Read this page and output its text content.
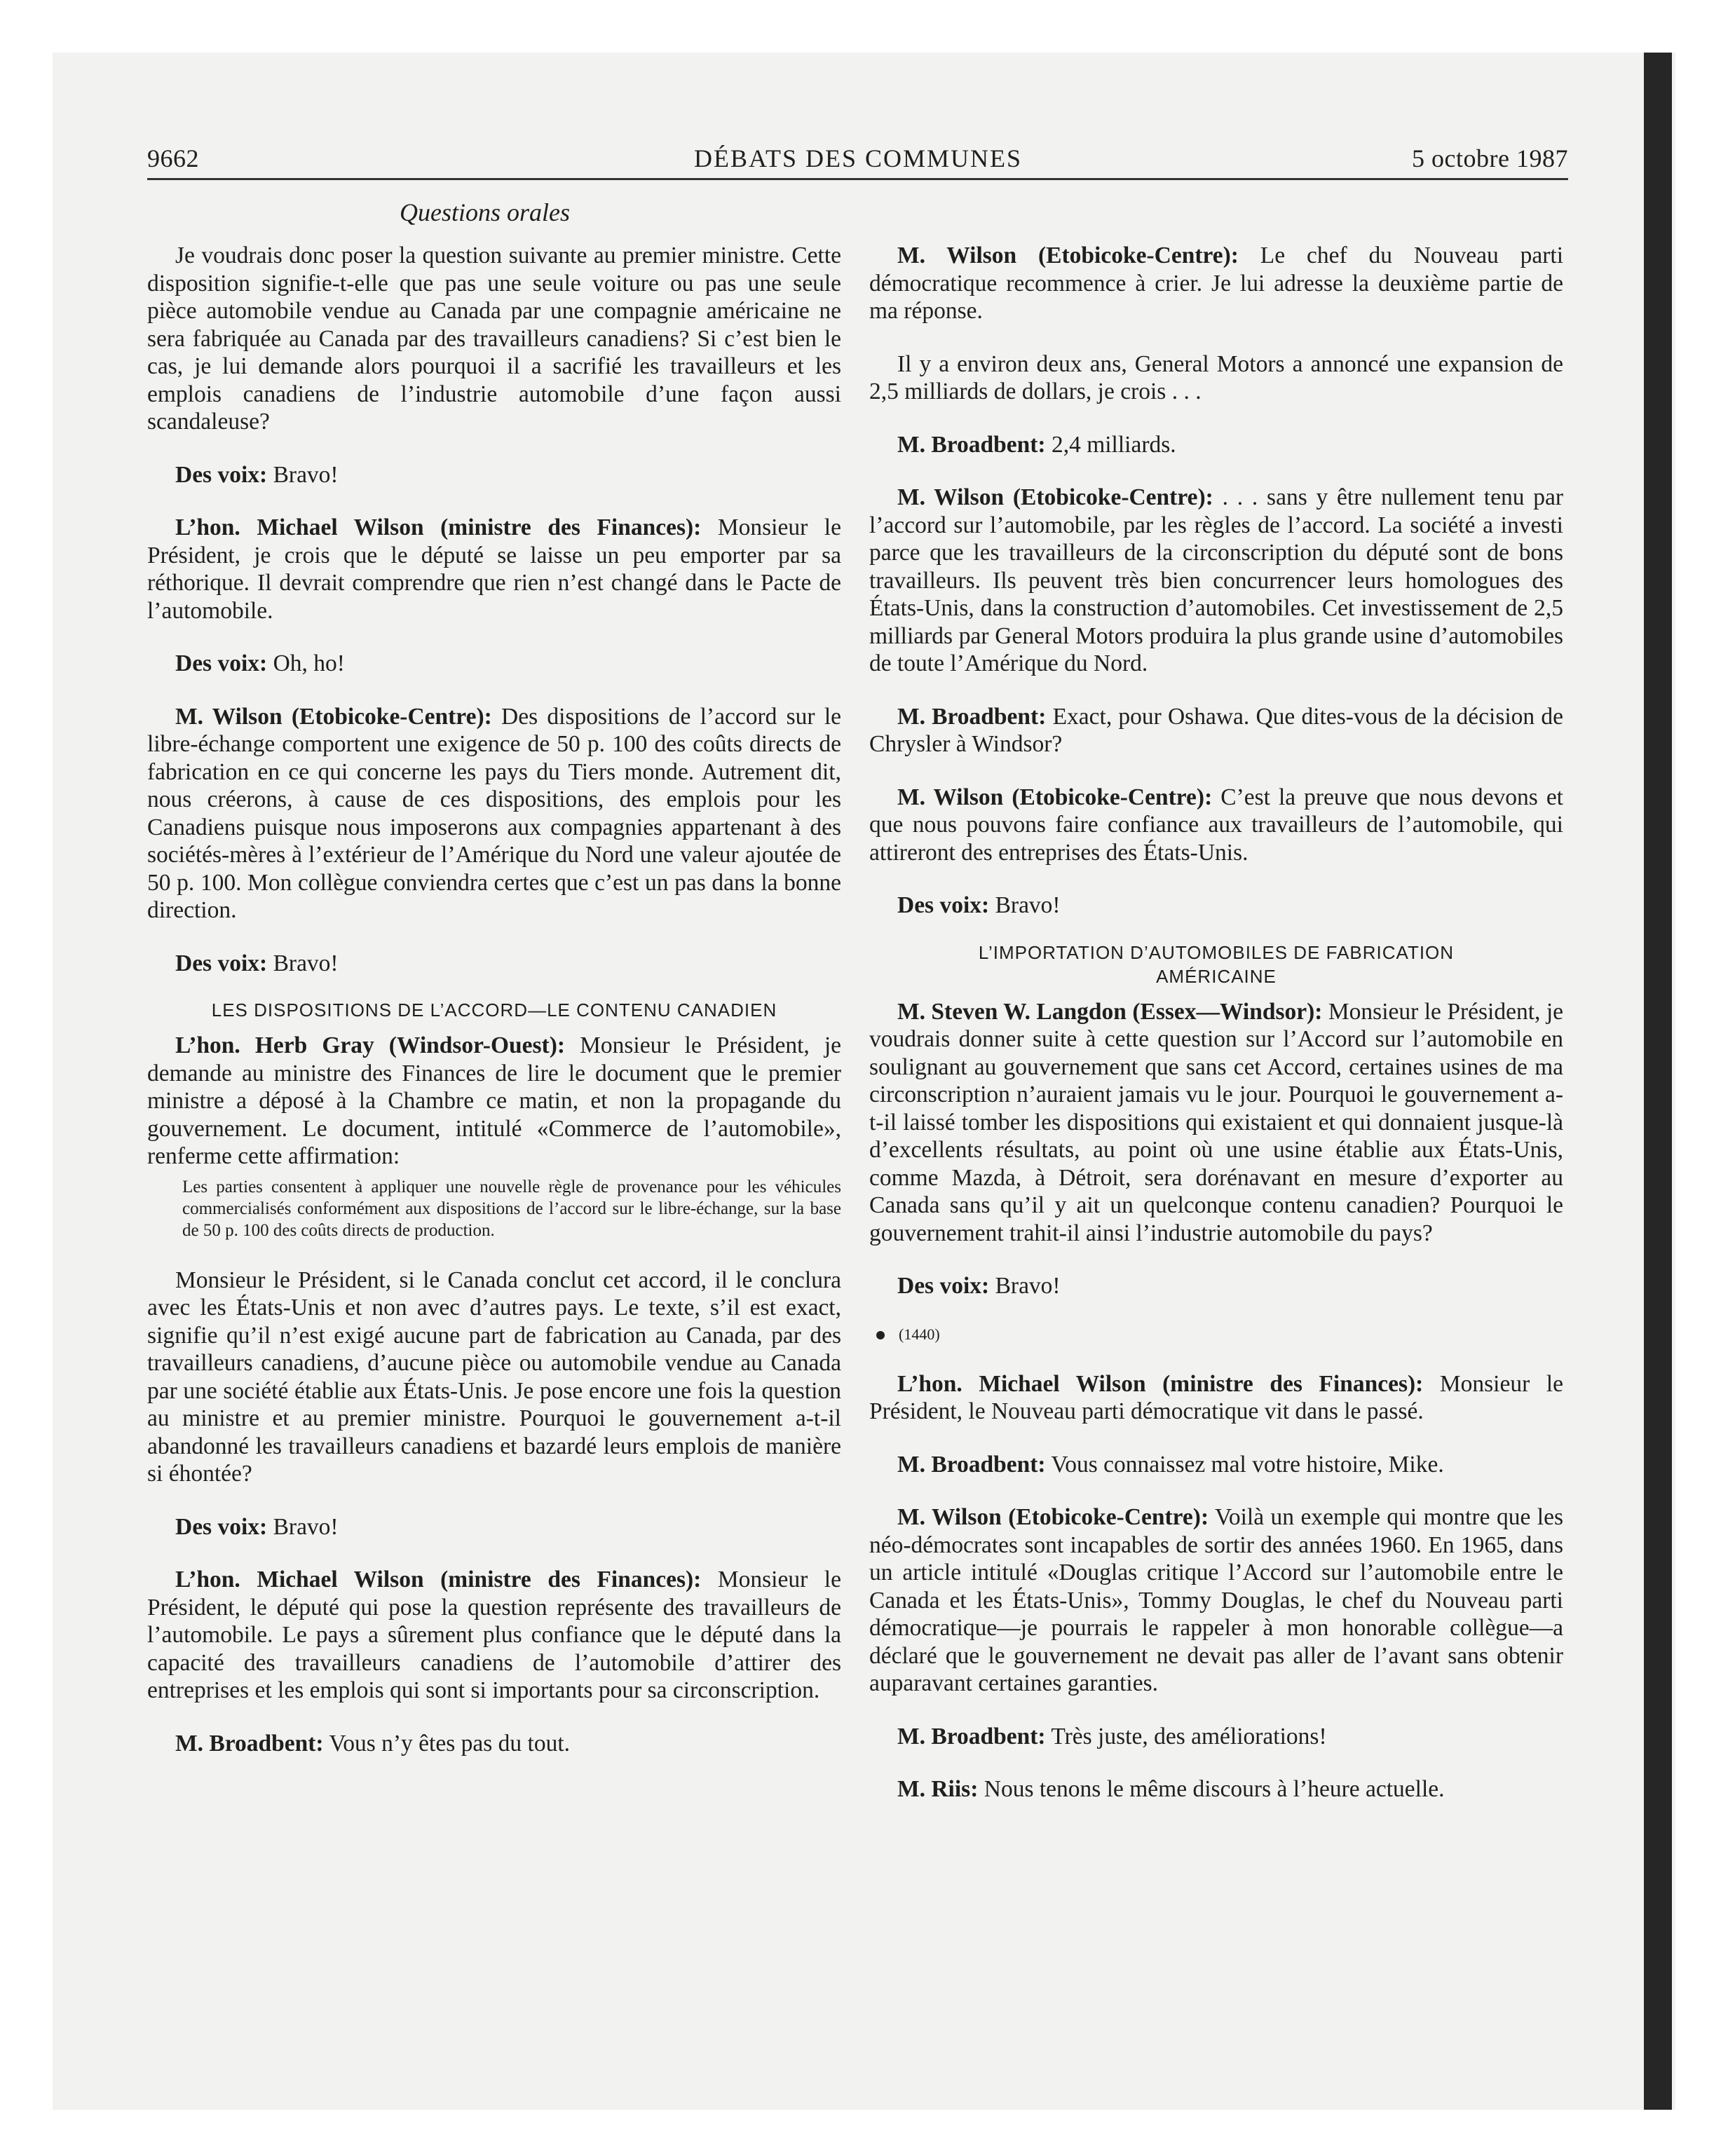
9662	DÉBATS DES COMMUNES	5 octobre 1987
Questions orales

Je voudrais donc poser la question suivante au premier ministre. Cette disposition signifie-t-elle que pas une seule voiture ou pas une seule pièce automobile vendue au Canada par une compagnie américaine ne sera fabriquée au Canada par des travailleurs canadiens? Si c’est bien le cas, je lui demande alors pourquoi il a sacrifié les travailleurs et les emplois canadiens de l’industrie automobile d’une façon aussi scandaleuse?

Des voix: Bravo!

L’hon. Michael Wilson (ministre des Finances): Monsieur le Président, je crois que le député se laisse un peu emporter par sa réthorique. Il devrait comprendre que rien n’est changé dans le Pacte de l’automobile.

Des voix: Oh, ho!

M. Wilson (Etobicoke-Centre): Des dispositions de l’accord sur le libre-échange comportent une exigence de 50 p. 100 des coûts directs de fabrication en ce qui concerne les pays du Tiers monde. Autrement dit, nous créerons, à cause de ces dispositions, des emplois pour les Canadiens puisque nous imposerons aux compagnies appartenant à des sociétés-mères à l’extérieur de l’Amérique du Nord une valeur ajoutée de 50 p. 100. Mon collègue conviendra certes que c’est un pas dans la bonne direction.

Des voix: Bravo!

LES DISPOSITIONS DE L’ACCORD—LE CONTENU CANADIEN

L’hon. Herb Gray (Windsor-Ouest): Monsieur le Président, je demande au ministre des Finances de lire le document que le premier ministre a déposé à la Chambre ce matin, et non la propagande du gouvernement. Le document, intitulé «Commerce de l’automobile», renferme cette affirmation:

Les parties consentent à appliquer une nouvelle règle de provenance pour les véhicules commercialisés conformément aux dispositions de l’accord sur le libre-échange, sur la base de 50 p. 100 des coûts directs de production.

Monsieur le Président, si le Canada conclut cet accord, il le conclura avec les États-Unis et non avec d’autres pays. Le texte, s’il est exact, signifie qu’il n’est exigé aucune part de fabrication au Canada, par des travailleurs canadiens, d’aucune pièce ou automobile vendue au Canada par une société établie aux États-Unis. Je pose encore une fois la question au ministre et au premier ministre. Pourquoi le gouvernement a-t-il abandonné les travailleurs canadiens et bazardé leurs emplois de manière si éhontée?

Des voix: Bravo!

L’hon. Michael Wilson (ministre des Finances): Monsieur le Président, le député qui pose la question représente des travailleurs de l’automobile. Le pays a sûrement plus confiance que le député dans la capacité des travailleurs canadiens de l’automobile d’attirer des entreprises et les emplois qui sont si importants pour sa circonscription.

M. Broadbent: Vous n’y êtes pas du tout.

M. Wilson (Etobicoke-Centre): Le chef du Nouveau parti démocratique recommence à crier. Je lui adresse la deuxième partie de ma réponse.

Il y a environ deux ans, General Motors a annoncé une expansion de 2,5 milliards de dollars, je crois . . .

M. Broadbent: 2,4 milliards.

M. Wilson (Etobicoke-Centre): . . . sans y être nullement tenu par l’accord sur l’automobile, par les règles de l’accord. La société a investi parce que les travailleurs de la circonscription du député sont de bons travailleurs. Ils peuvent très bien concurrencer leurs homologues des États-Unis, dans la construction d’automobiles. Cet investissement de 2,5 milliards par General Motors produira la plus grande usine d’automobiles de toute l’Amérique du Nord.

M. Broadbent: Exact, pour Oshawa. Que dites-vous de la décision de Chrysler à Windsor?

M. Wilson (Etobicoke-Centre): C’est la preuve que nous devons et que nous pouvons faire confiance aux travailleurs de l’automobile, qui attireront des entreprises des États-Unis.

Des voix: Bravo!

L’IMPORTATION D’AUTOMOBILES DE FABRICATION
AMÉRICAINE

M. Steven W. Langdon (Essex—Windsor): Monsieur le Président, je voudrais donner suite à cette question sur l’Accord sur l’automobile en soulignant au gouvernement que sans cet Accord, certaines usines de ma circonscription n’auraient jamais vu le jour. Pourquoi le gouvernement a-t-il laissé tomber les dispositions qui existaient et qui donnaient jusque-là d’excellents résultats, au point où une usine établie aux États-Unis, comme Mazda, à Détroit, sera dorénavant en mesure d’exporter au Canada sans qu’il y ait un quelconque contenu canadien? Pourquoi le gouvernement trahit-il ainsi l’industrie automobile du pays?

Des voix: Bravo!

(1440)

L’hon. Michael Wilson (ministre des Finances): Monsieur le Président, le Nouveau parti démocratique vit dans le passé.

M. Broadbent: Vous connaissez mal votre histoire, Mike.

M. Wilson (Etobicoke-Centre): Voilà un exemple qui montre que les néo-démocrates sont incapables de sortir des années 1960. En 1965, dans un article intitulé «Douglas critique l’Accord sur l’automobile entre le Canada et les États-Unis», Tommy Douglas, le chef du Nouveau parti démocratique—je pourrais le rappeler à mon honorable collègue—a déclaré que le gouvernement ne devait pas aller de l’avant sans obtenir auparavant certaines garanties.

M. Broadbent: Très juste, des améliorations!

M. Riis: Nous tenons le même discours à l’heure actuelle.
